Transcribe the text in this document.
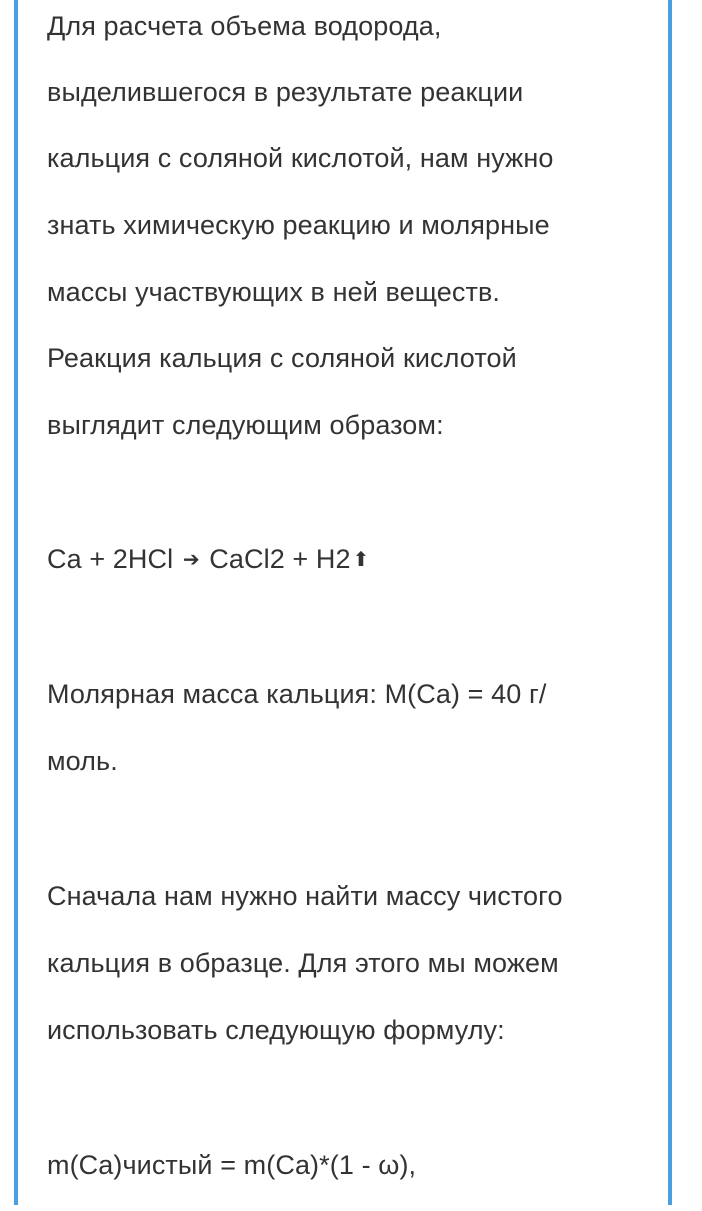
Для расчета объема водорода,
выделившегося в результате реакции
кальция с соляной кислотой, нам нужно
знать химическую реакцию и молярные
массы участвующих в ней веществ.
Реакция кальция с соляной кислотой
выглядит следующим образом:
Ca + 2HCl ➔ CaCl2 + H2 ⬆
Молярная масса кальция: M(Ca) = 40 г/
моль.
Сначала нам нужно найти массу чистого
кальция в образце. Для этого мы можем
использовать следующую формулу:
m(Ca)чистый = m(Ca)*(1 - ω),
